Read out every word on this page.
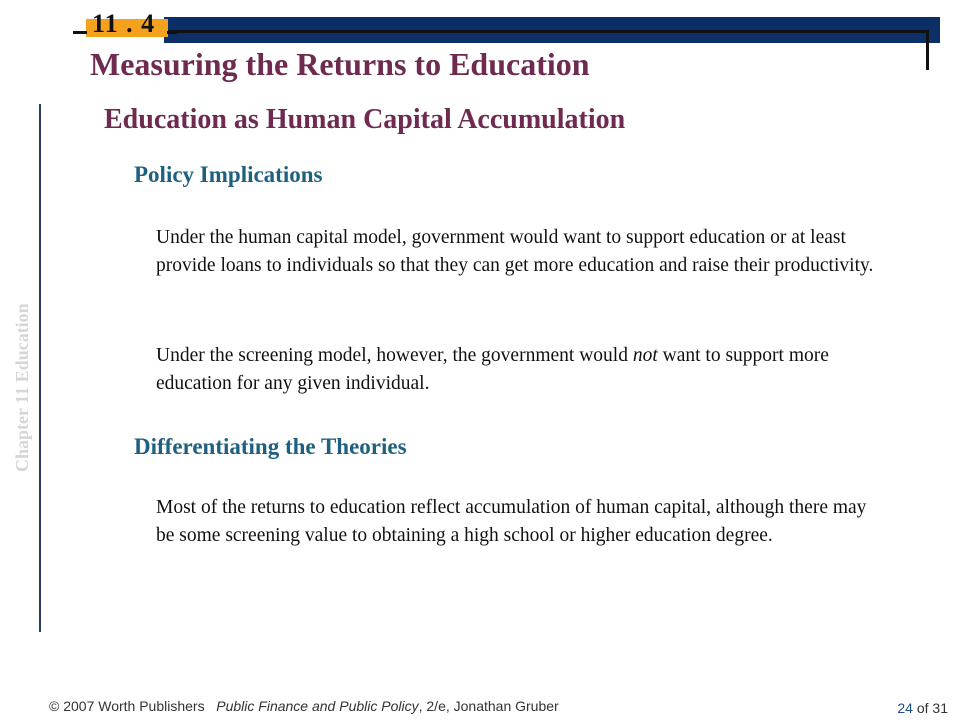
11 . 4
Chapter 11 Education
Measuring the Returns to Education
Education as Human Capital Accumulation
Policy Implications
Under the human capital model, government would want to support education or at least provide loans to individuals so that they can get more education and raise their productivity.
Under the screening model, however, the government would not want to support more education for any given individual.
Differentiating the Theories
Most of the returns to education reflect accumulation of human capital, although there may be some screening value to obtaining a high school or higher education degree.
© 2007 Worth Publishers Public Finance and Public Policy, 2/e, Jonathan Gruber	24 of 31
